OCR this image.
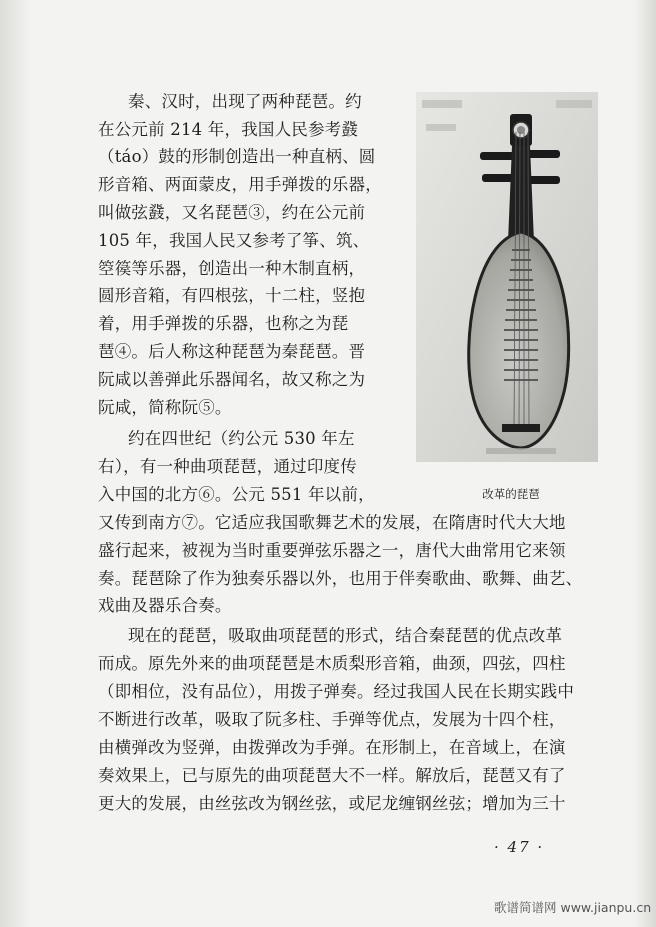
秦、汉时，出现了两种琵琶。约
在公元前 214 年，我国人民参考鼗
（táo）鼓的形制创造出一种直柄、圆
形音箱、两面蒙皮，用手弹拨的乐器，
叫做弦鼗，又名琵琶③，约在公元前
105 年，我国人民又参考了筝、筑、
箜篌等乐器，创造出一种木制直柄，
圆形音箱，有四根弦，十二柱，竖抱
着，用手弹拨的乐器，也称之为琵
琶④。后人称这种琵琶为秦琵琶。晋
阮咸以善弹此乐器闻名，故又称之为
阮咸，简称阮⑤。
约在四世纪（约公元 530 年左
右），有一种曲项琵琶，通过印度传
入中国的北方⑥。公元 551 年以前，
又传到南方⑦。它适应我国歌舞艺术的发展，在隋唐时代大大地
盛行起来，被视为当时重要弹弦乐器之一，唐代大曲常用它来领
奏。琵琶除了作为独奏乐器以外，也用于伴奏歌曲、歌舞、曲艺、
戏曲及器乐合奏。
现在的琵琶，吸取曲项琵琶的形式，结合秦琵琶的优点改革
而成。原先外来的曲项琵琶是木质梨形音箱，曲颈，四弦，四柱
（即相位，没有品位），用拨子弹奏。经过我国人民在长期实践中
不断进行改革，吸取了阮多柱、手弹等优点，发展为十四个柱，
由横弹改为竖弹，由拨弹改为手弹。在形制上，在音域上，在演
奏效果上，已与原先的曲项琵琶大不一样。解放后，琵琶又有了
更大的发展，由丝弦改为钢丝弦，或尼龙缠钢丝弦；增加为三十
改革的琵琶
· 47 ·
歌谱简谱网 www.jianpu.cn
